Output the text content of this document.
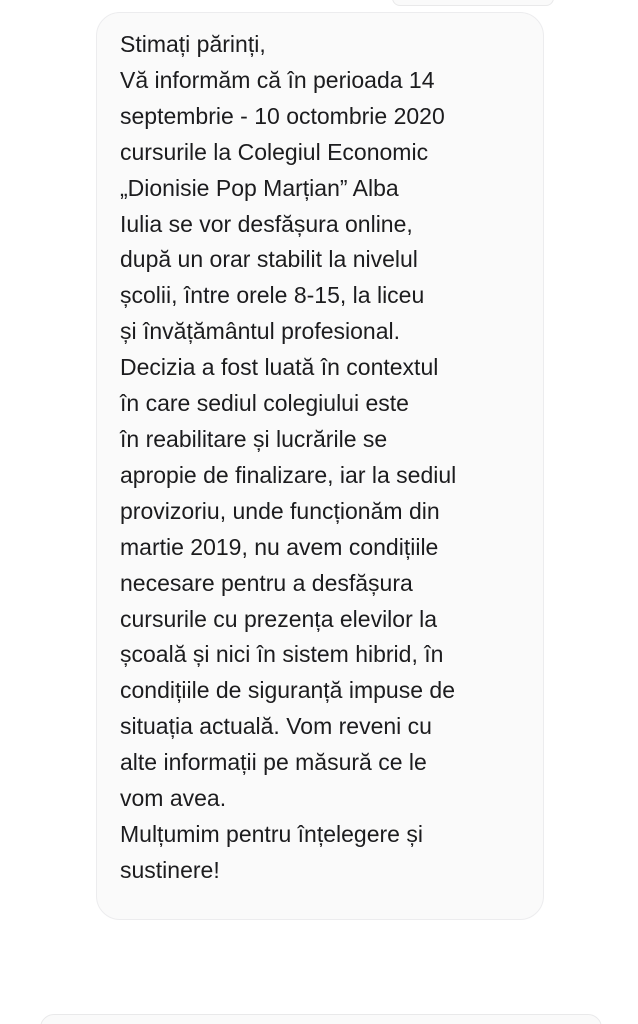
Stimați părinți,
Vă informăm că în perioada 14
septembrie - 10 octombrie 2020
cursurile la Colegiul Economic
„Dionisie Pop Marțian” Alba
Iulia se vor desfășura online,
după un orar stabilit la nivelul
școlii, între orele 8-15, la liceu
și învățământul profesional.
Decizia a fost luată în contextul
în care sediul colegiului este
în reabilitare și lucrările se
apropie de finalizare, iar la sediul
provizoriu, unde funcționăm din
martie 2019, nu avem condițiile
necesare pentru a desfășura
cursurile cu prezența elevilor la
școală și nici în sistem hibrid, în
condițiile de siguranță impuse de
situația actuală. Vom reveni cu
alte informații pe măsură ce le
vom avea.
Mulțumim pentru înțelegere și
sustinere!
